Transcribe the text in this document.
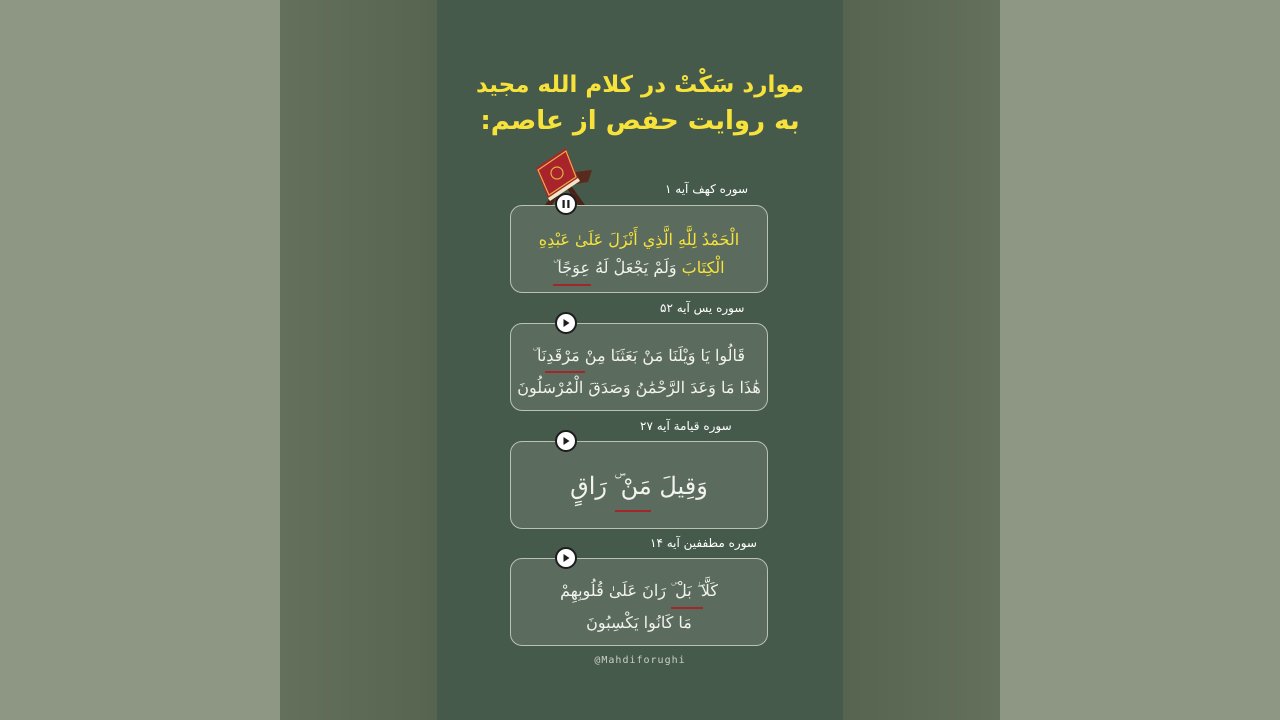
موارد سَکْتْ در کلام الله مجید
به روایت حفص از عاصم:
سوره کهف آیه ۱
الْحَمْدُ لِلَّهِ الَّذِي أَنْزَلَ عَلَىٰ عَبْدِهِ
الْكِتَابَ وَلَمْ يَجْعَلْ لَهُ عِوَجًا ۜ
سوره یس آیه ۵۲
قَالُوا يَا وَيْلَنَا مَنْ بَعَثَنَا مِنْ مَرْقَدِنَا ۜ
هَٰذَا مَا وَعَدَ الرَّحْمَٰنُ وَصَدَقَ الْمُرْسَلُونَ
سوره قیامة آیه ۲۷
وَقِيلَ مَنْ ۜ رَاقٍ
سوره مطففین آیه ۱۴
كَلَّا ۖ بَلْ ۜ رَانَ عَلَىٰ قُلُوبِهِمْ
مَا كَانُوا يَكْسِبُونَ
@Mahdiforughi
